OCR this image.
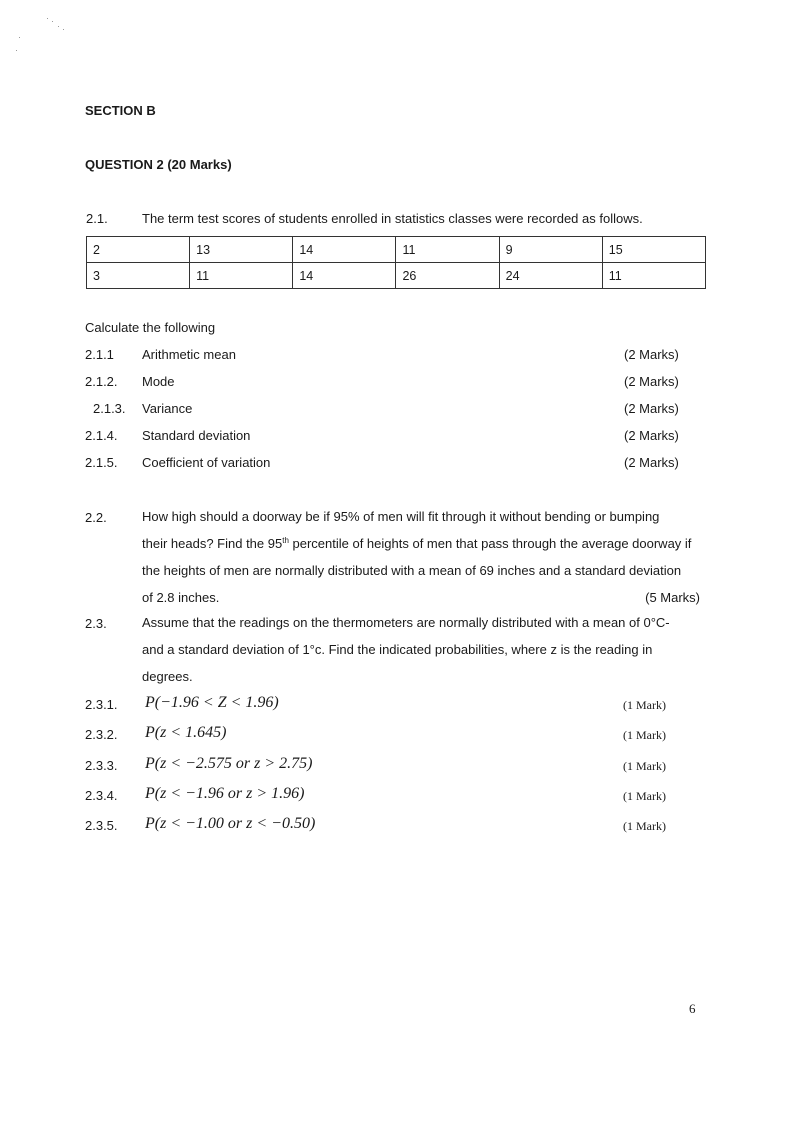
SECTION B
QUESTION 2 (20 Marks)
2.1.	The term test scores of students enrolled in statistics classes were recorded as follows.
2	13	14	11	9	15
3	11	14	26	24	11
Calculate the following
2.1.1 Arithmetic mean	(2 Marks)
2.1.2. Mode	(2 Marks)
2.1.3. Variance	(2 Marks)
2.1.4. Standard deviation	(2 Marks)
2.1.5. Coefficient of variation	(2 Marks)
2.2.	How high should a doorway be if 95% of men will fit through it without bending or bumping
their heads? Find the 95th percentile of heights of men that pass through the average doorway if
the heights of men are normally distributed with a mean of 69 inches and a standard deviation
of 2.8 inches.	(5 Marks)
2.3.	Assume that the readings on the thermometers are normally distributed with a mean of 0°C-
and a standard deviation of 1°c. Find the indicated probabilities, where z is the reading in
degrees.
2.3.1. P(−1.96 < Z < 1.96)	(1 Mark)
2.3.2. P(z < 1.645)	(1 Mark)
2.3.3. P(z < −2.575 or z > 2.75)	(1 Mark)
2.3.4. P(z < −1.96 or z > 1.96)	(1 Mark)
2.3.5. P(z < −1.00 or z < −0.50)	(1 Mark)
6
